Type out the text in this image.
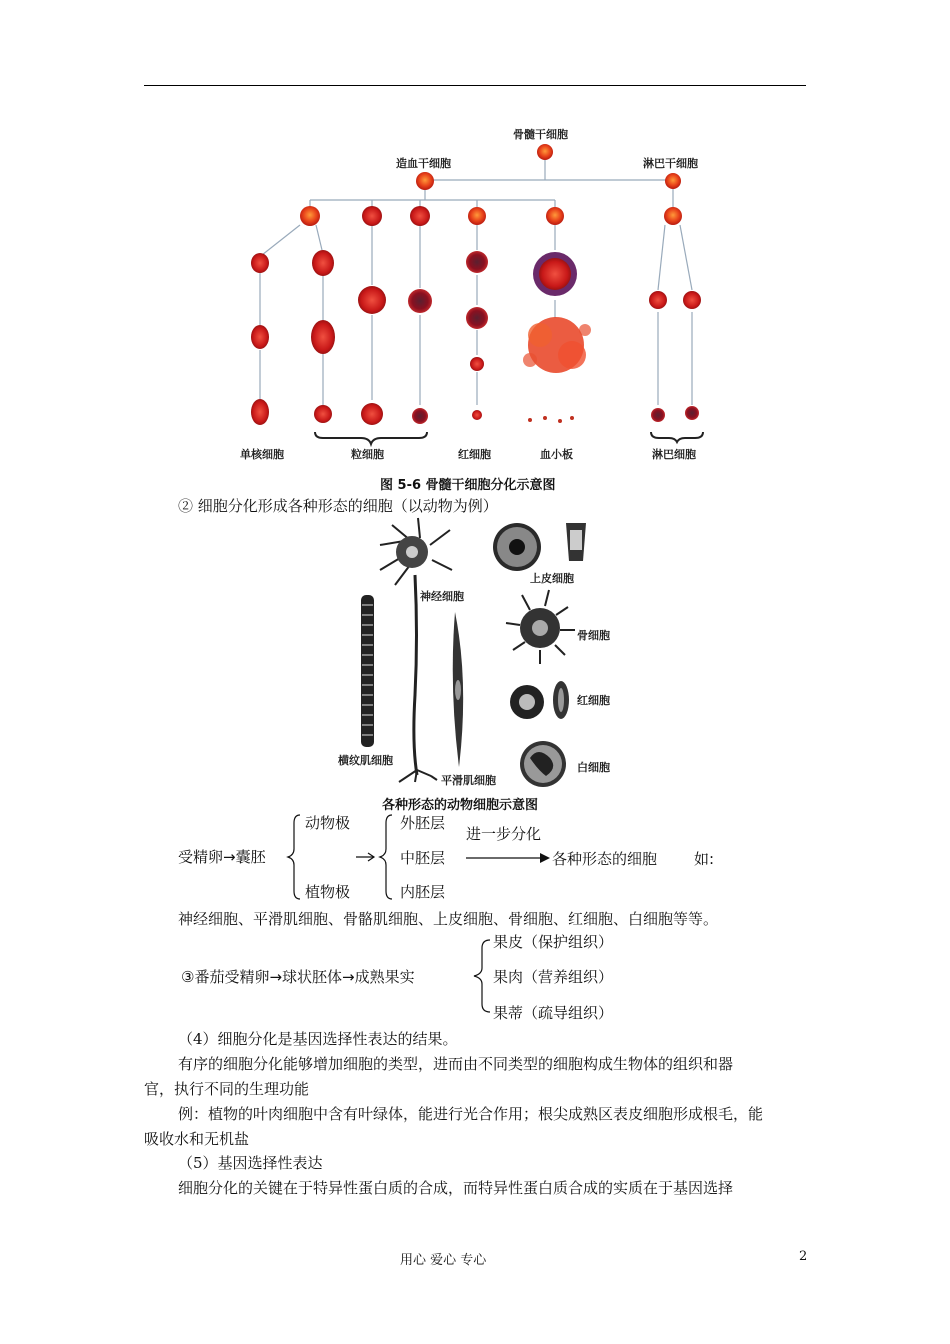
骨髓干细胞
造血干细胞	淋巴干细胞
单核细胞	粒细胞	红细胞	血小板	淋巴细胞
图 5-6 骨髓干细胞分化示意图
② 细胞分化形成各种形态的细胞（以动物为例）
神经细胞
上皮细胞
骨细胞
红细胞
白细胞
横纹肌细胞
平滑肌细胞
各种形态的动物细胞示意图
受精卵→囊胚
动物极
植物极
外胚层
中胚层
内胚层
进一步分化
各种形态的细胞 如:
神经细胞、平滑肌细胞、骨骼肌细胞、上皮细胞、骨细胞、红细胞、白细胞等等。
③番茄受精卵→球状胚体→成熟果实
果皮（保护组织）
果肉（营养组织）
果蒂（疏导组织）
（4）细胞分化是基因选择性表达的结果。
有序的细胞分化能够增加细胞的类型，进而由不同类型的细胞构成生物体的组织和器
官，执行不同的生理功能
例：植物的叶肉细胞中含有叶绿体，能进行光合作用；根尖成熟区表皮细胞形成根毛，能
吸收水和无机盐
（5）基因选择性表达
细胞分化的关键在于特异性蛋白质的合成，而特异性蛋白质合成的实质在于基因选择
用心 爱心 专心	2
